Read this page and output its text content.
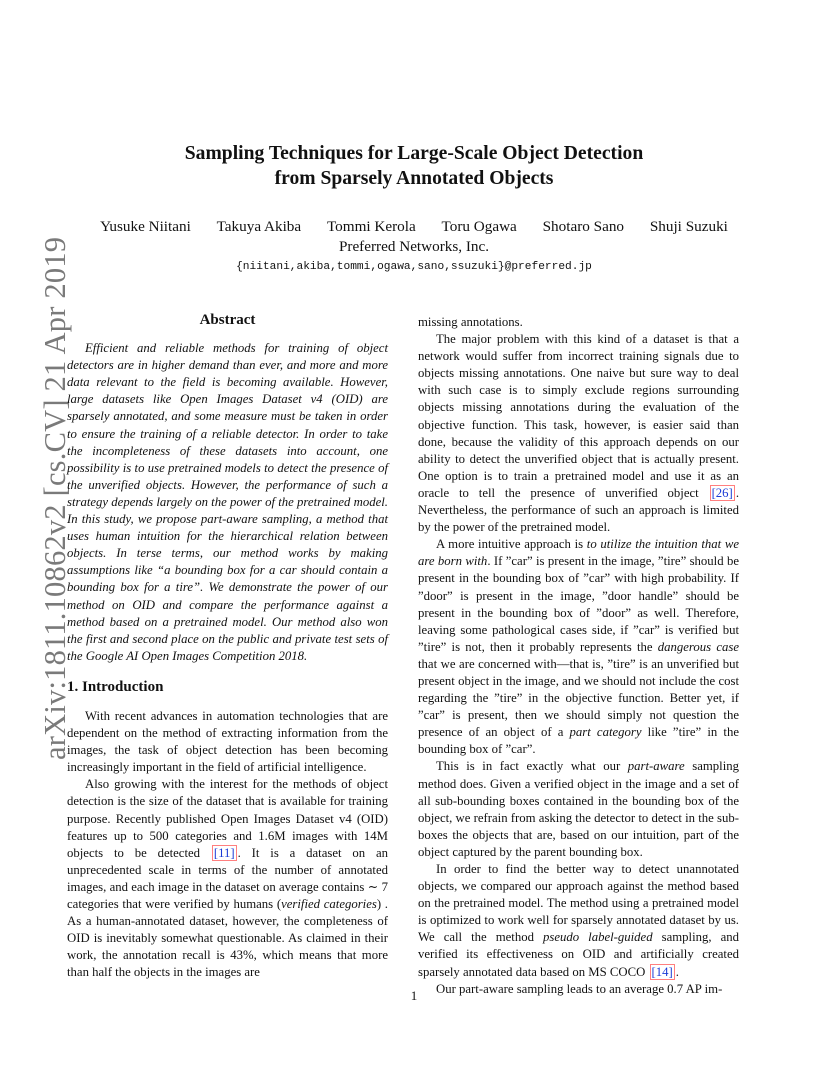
arXiv:1811.10862v2 [cs.CV] 21 Apr 2019
Sampling Techniques for Large-Scale Object Detection
from Sparsely Annotated Objects
Yusuke Niitani Takuya Akiba Tommi Kerola Toru Ogawa Shotaro Sano Shuji Suzuki
Preferred Networks, Inc.
{niitani,akiba,tommi,ogawa,sano,ssuzuki}@preferred.jp
Abstract

Efficient and reliable methods for training of object detectors are in higher demand than ever, and more and more data relevant to the field is becoming available. However, large datasets like Open Images Dataset v4 (OID) are sparsely annotated, and some measure must be taken in order to ensure the training of a reliable detector. In order to take the incompleteness of these datasets into account, one possibility is to use pretrained models to detect the presence of the unverified objects. However, the performance of such a strategy depends largely on the power of the pretrained model. In this study, we propose part-aware sampling, a method that uses human intuition for the hierarchical relation between objects. In terse terms, our method works by making assumptions like “a bounding box for a car should contain a bounding box for a tire”. We demonstrate the power of our method on OID and compare the performance against a method based on a pretrained model. Our method also won the first and second place on the public and private test sets of the Google AI Open Images Competition 2018.

1. Introduction

With recent advances in automation technologies that are dependent on the method of extracting information from the images, the task of object detection has been becoming increasingly important in the field of artificial intelligence.

Also growing with the interest for the methods of object detection is the size of the dataset that is available for training purpose. Recently published Open Images Dataset v4 (OID) features up to 500 categories and 1.6M images with 14M objects to be detected [11] . It is a dataset on an unprecedented scale in terms of the number of annotated images, and each image in the dataset on average contains ∼ 7 categories that were verified by humans (verified categories) . As a human-annotated dataset, however, the completeness of OID is inevitably somewhat questionable. As claimed in their work, the annotation recall is 43%, which means that more than half the objects in the images are

missing annotations.

The major problem with this kind of a dataset is that a network would suffer from incorrect training signals due to objects missing annotations. One naive but sure way to deal with such case is to simply exclude regions surrounding objects missing annotations during the evaluation of the objective function. This task, however, is easier said than done, because the validity of this approach depends on our ability to detect the unverified object that is actually present. One option is to train a pretrained model and use it as an oracle to tell the presence of unverified object [26] . Nevertheless, the performance of such an approach is limited by the power of the pretrained model.

A more intuitive approach is to utilize the intuition that we are born with. If ”car” is present in the image, ”tire” should be present in the bounding box of ”car” with high probability. If ”door” is present in the image, ”door handle” should be present in the bounding box of ”door” as well. Therefore, leaving some pathological cases side, if ”car” is verified but ”tire” is not, then it probably represents the dangerous case that we are concerned with—that is, ”tire” is an unverified but present object in the image, and we should not include the cost regarding the ”tire” in the objective function. Better yet, if ”car” is present, then we should simply not question the presence of an object of a part category like ”tire” in the bounding box of ”car”.

This is in fact exactly what our part-aware sampling method does. Given a verified object in the image and a set of all sub-bounding boxes contained in the bounding box of the object, we refrain from asking the detector to detect in the sub-boxes the objects that are, based on our intuition, part of the object captured by the parent bounding box.

In order to find the better way to detect unannotated objects, we compared our approach against the method based on the pretrained model. The method using a pretrained model is optimized to work well for sparsely annotated dataset by us. We call the method pseudo label-guided sampling, and verified its effectiveness on OID and artificially created sparsely annotated data based on MS COCO [14] .

Our part-aware sampling leads to an average 0.7 AP im-

1
